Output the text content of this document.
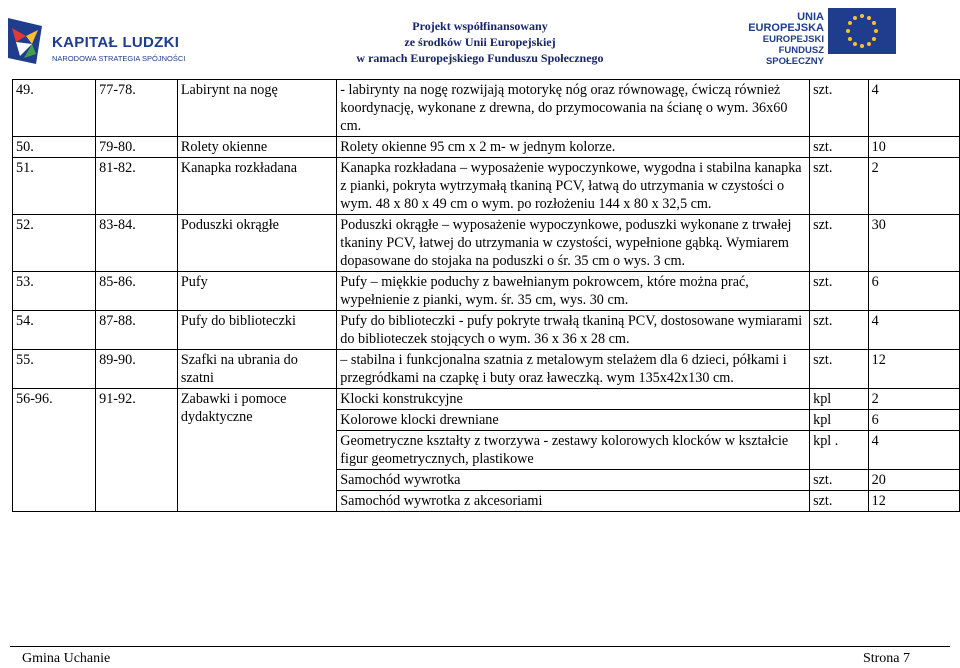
KAPITAŁ LUDZKI
NARODOWA STRATEGIA SPÓJNOŚCI
Projekt współfinansowany
ze środków Unii Europejskiej
w ramach Europejskiego Funduszu Społecznego
UNIA EUROPEJSKA
EUROPEJSKI
FUNDUSZ SPOŁECZNY
49.	77-78.	Labirynt na nogę	- labirynty na nogę rozwijają motorykę nóg oraz równowagę, ćwiczą również koordynację, wykonane z drewna, do przymocowania na ścianę o wym. 36x60 cm.	szt.	4
50.	79-80.	Rolety okienne	Rolety okienne 95 cm x 2 m- w jednym kolorze.	szt.	10
51.	81-82.	Kanapka rozkładana	Kanapka rozkładana – wyposażenie wypoczynkowe, wygodna i stabilna kanapka z pianki, pokryta wytrzymałą tkaniną PCV, łatwą do utrzymania w czystości o wym. 48 x 80 x 49 cm o wym. po rozłożeniu 144 x 80 x 32,5 cm.	szt.	2
52.	83-84.	Poduszki okrągłe	Poduszki okrągłe – wyposażenie wypoczynkowe, poduszki wykonane z trwałej tkaniny PCV, łatwej do utrzymania w czystości, wypełnione gąbką. Wymiarem dopasowane do stojaka na poduszki o śr. 35 cm o wys. 3 cm.	szt.	30
53.	85-86.	Pufy	Pufy – miękkie poduchy z bawełnianym pokrowcem, które można prać, wypełnienie z pianki, wym. śr. 35 cm, wys. 30 cm.	szt.	6
54.	87-88.	Pufy do biblioteczki	Pufy do biblioteczki - pufy pokryte trwałą tkaniną PCV, dostosowane wymiarami do biblioteczek stojących o wym. 36 x 36 x 28 cm.	szt.	4
55.	89-90.	Szafki na ubrania do szatni	– stabilna i funkcjonalna szatnia z metalowym stelażem dla 6 dzieci, półkami i przegródkami na czapkę i buty oraz ławeczką. wym 135x42x130 cm.	szt.	12
56-96.	91-92.	Zabawki i pomoce dydaktyczne	Klocki konstrukcyjne	kpl	2
			Kolorowe klocki drewniane	kpl	6
			Geometryczne kształty z tworzywa - zestawy kolorowych klocków w kształcie figur geometrycznych, plastikowe	kpl .	4
			Samochód wywrotka	szt.	20
			Samochód wywrotka z akcesoriami	szt.	12
Gmina Uchanie	Strona 7
